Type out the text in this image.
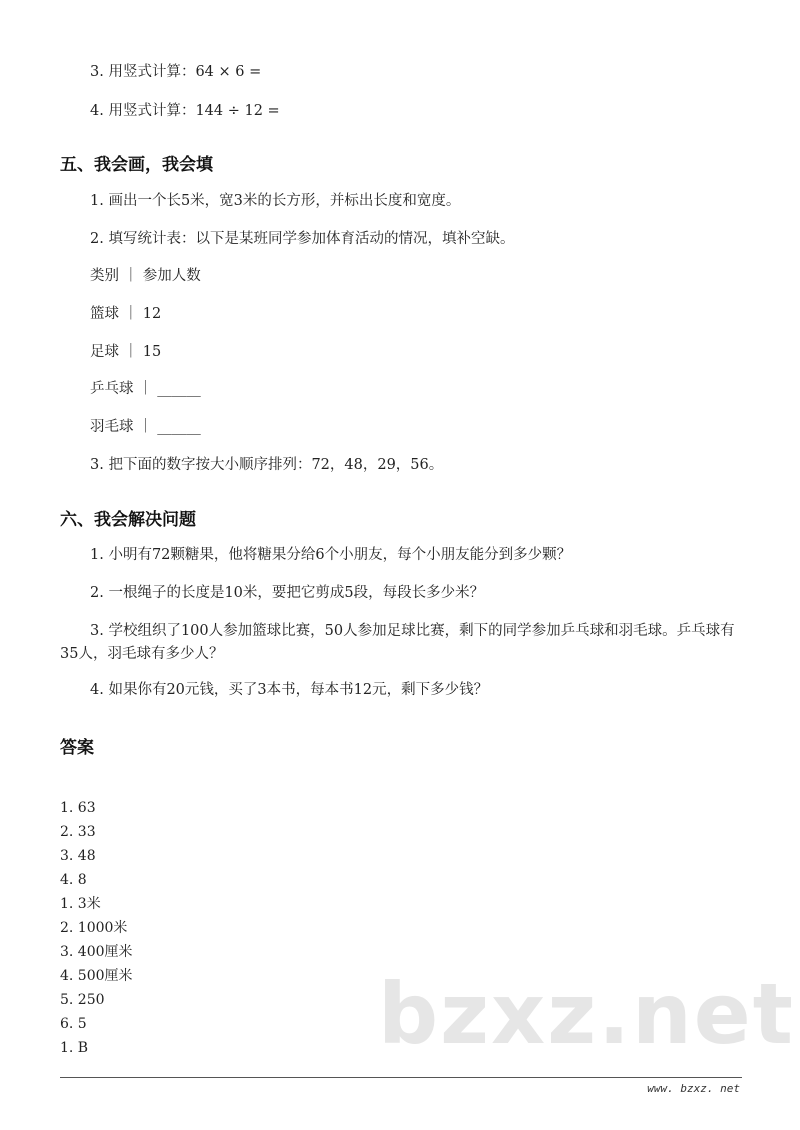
3. 用竖式计算：64 × 6 =
4. 用竖式计算：144 ÷ 12 =
五、我会画，我会填
1. 画出一个长5米，宽3米的长方形，并标出长度和宽度。
2. 填写统计表：以下是某班同学参加体育活动的情况，填补空缺。
类别 ｜ 参加人数
篮球 ｜ 12
足球 ｜ 15
乒乓球 ｜ ______
羽毛球 ｜ ______
3. 把下面的数字按大小顺序排列：72，48，29，56。
六、我会解决问题
1. 小明有72颗糖果，他将糖果分给6个小朋友，每个小朋友能分到多少颗？
2. 一根绳子的长度是10米，要把它剪成5段，每段长多少米？
3. 学校组织了100人参加篮球比赛，50人参加足球比赛，剩下的同学参加乒乓球和羽毛球。乒乓球有35人，羽毛球有多少人？
4. 如果你有20元钱，买了3本书，每本书12元，剩下多少钱？
答案
1. 63
2. 33
3. 48
4. 8
1. 3米
2. 1000米
3. 400厘米
4. 500厘米
5. 250
6. 5
1. B	bzxz.net
www. bzxz. net
